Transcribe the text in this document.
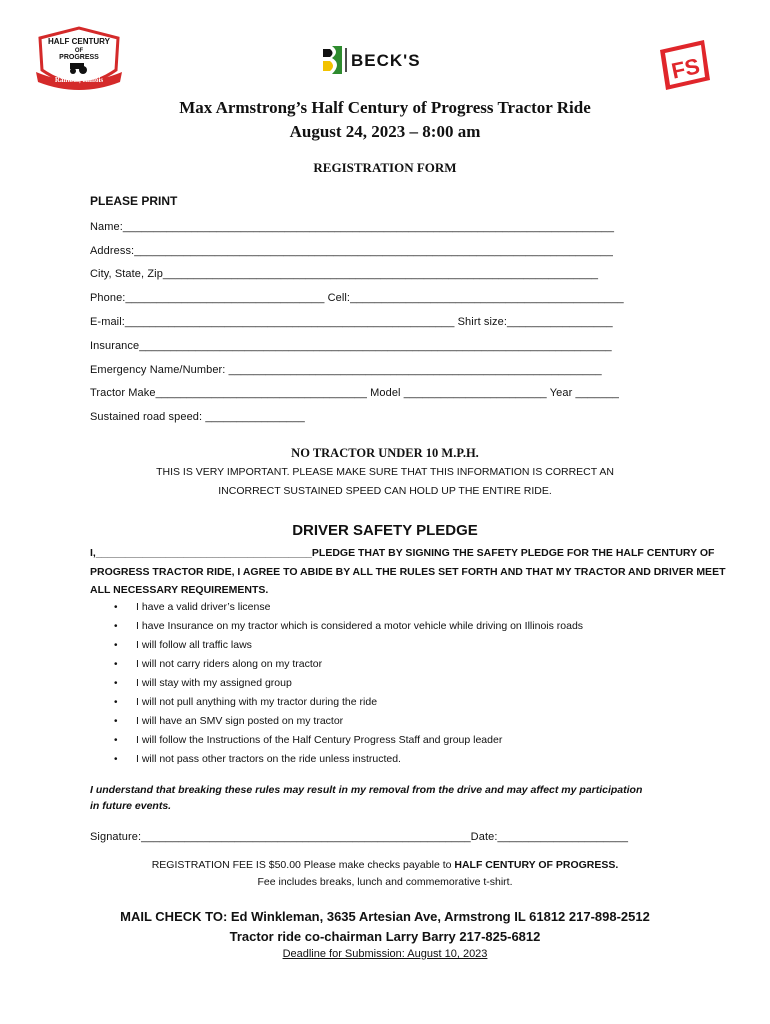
HALF CENTURY
OF
PROGRESS
Rantoul, Illinois
BECK'S	FS
Max Armstrong’s Half Century of Progress Tractor Ride
August 24, 2023 – 8:00 am
REGISTRATION FORM
PLEASE PRINT
Name:_______________________________________________________________________________
Address:_____________________________________________________________________________
City, State, Zip______________________________________________________________________
Phone:________________________________ Cell:____________________________________________
E-mail:_____________________________________________________ Shirt size:_________________
Insurance____________________________________________________________________________
Emergency Name/Number: ____________________________________________________________
Tractor Make__________________________________ Model _______________________ Year _______
Sustained road speed: ________________
NO TRACTOR UNDER 10 M.P.H.
THIS IS VERY IMPORTANT. PLEASE MAKE SURE THAT THIS INFORMATION IS CORRECT AN
INCORRECT SUSTAINED SPEED CAN HOLD UP THE ENTIRE RIDE.
DRIVER SAFETY PLEDGE
I,_____________________________________PLEDGE THAT BY SIGNING THE SAFETY PLEDGE FOR THE HALF CENTURY OF
PROGRESS TRACTOR RIDE, I AGREE TO ABIDE BY ALL THE RULES SET FORTH AND THAT MY TRACTOR AND DRIVER MEET
ALL NECESSARY REQUIREMENTS.
• I have a valid driver’s license
• I have Insurance on my tractor which is considered a motor vehicle while driving on Illinois roads
• I will follow all traffic laws
• I will not carry riders along on my tractor
• I will stay with my assigned group
• I will not pull anything with my tractor during the ride
• I will have an SMV sign posted on my tractor
• I will follow the Instructions of the Half Century Progress Staff and group leader
• I will not pass other tractors on the ride unless instructed.
I understand that breaking these rules may result in my removal from the drive and may affect my participation
in future events.
Signature:_____________________________________________________Date:_____________________
REGISTRATION FEE IS $50.00 Please make checks payable to HALF CENTURY OF PROGRESS.
Fee includes breaks, lunch and commemorative t-shirt.
MAIL CHECK TO: Ed Winkleman, 3635 Artesian Ave, Armstrong IL 61812 217-898-2512
Tractor ride co-chairman Larry Barry 217-825-6812
Deadline for Submission: August 10, 2023
